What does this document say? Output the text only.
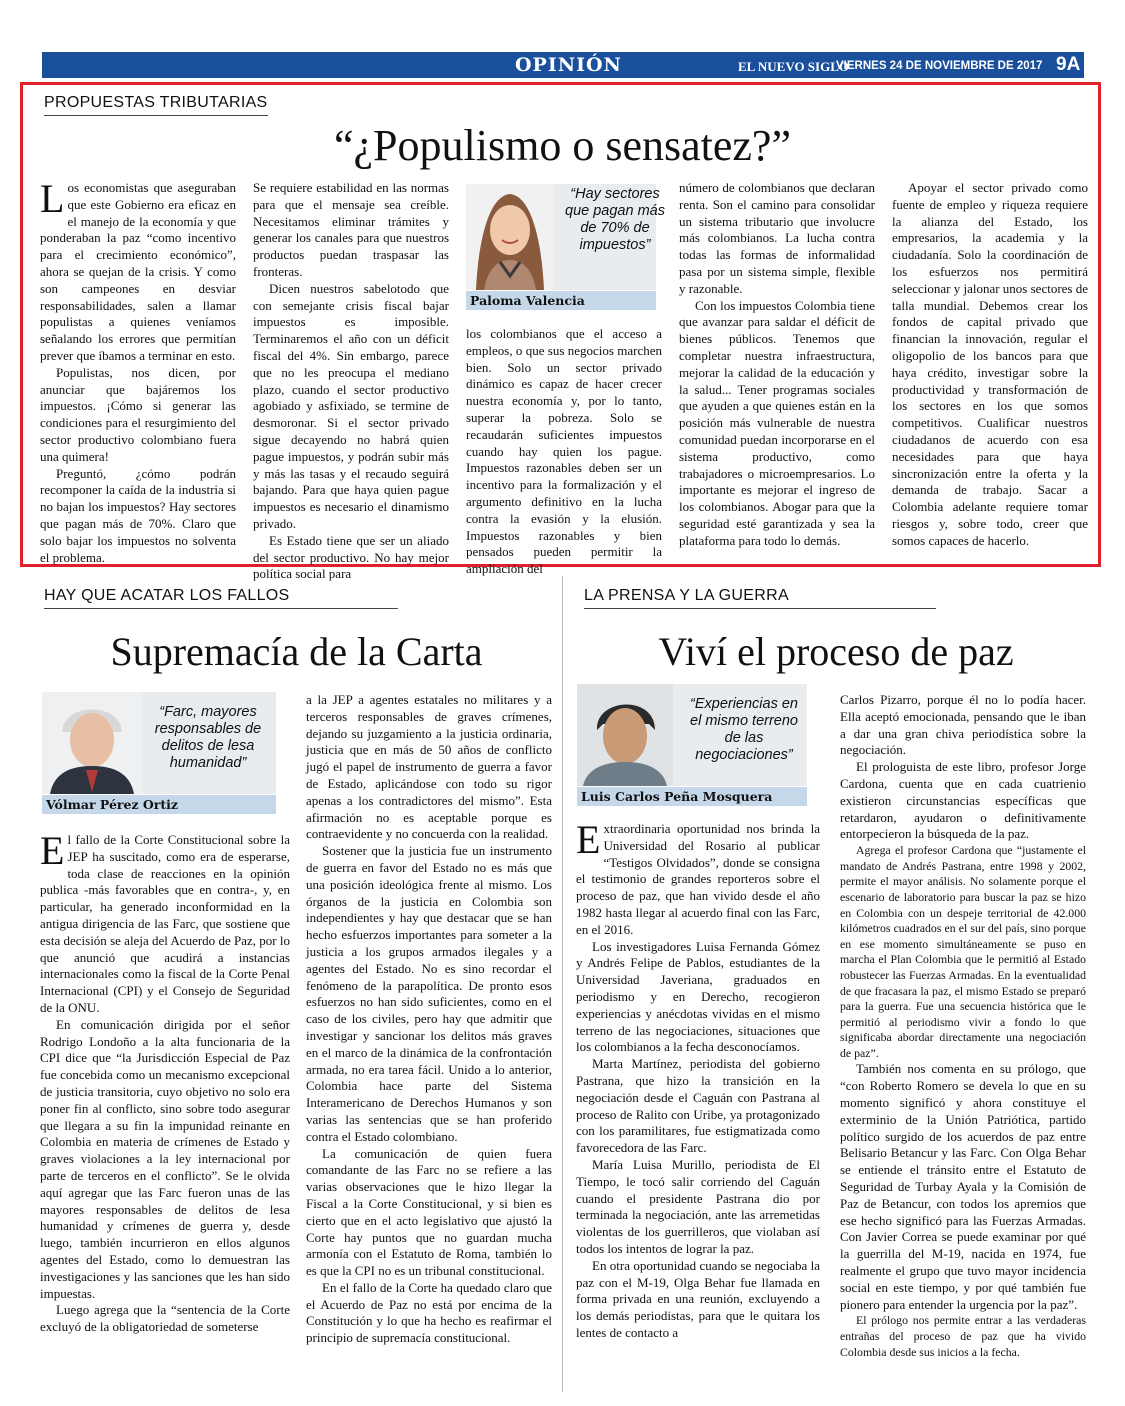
OPINIÓN	EL NUEVO SIGLO
VIERNES 24 DE NOVIEMBRE DE 2017 9A
PROPUESTAS TRIBUTARIAS
“¿Populismo o sensatez?”

Los economistas que aseguraban que este Gobierno era eficaz en el manejo de la economía y que ponderaban la paz “como incentivo para el crecimiento económico”, ahora se quejan de la crisis. Y como son campeones en desviar responsabilidades, salen a llamar populistas a quienes veníamos señalando los errores que permitían prever que íbamos a terminar en esto.

Populistas, nos dicen, por anunciar que bajáremos los impuestos. ¡Cómo si generar las condiciones para el resurgimiento del sector productivo colombiano fuera una quimera!

Preguntó, ¿cómo podrán recomponer la caída de la industria si no bajan los impuestos? Hay sectores que pagan más de 70%. Claro que solo bajar los impuestos no solventa el problema.

Se requiere estabilidad en las normas para que el mensaje sea creíble. Necesitamos eliminar trámites y generar los canales para que nuestros productos puedan traspasar las fronteras.

Dicen nuestros sabelotodo que con semejante crisis fiscal bajar impuestos es imposible. Terminaremos el año con un déficit fiscal del 4%. Sin embargo, parece que no les preocupa el mediano plazo, cuando el sector productivo agobiado y asfixiado, se termine de desmoronar. Si el sector privado sigue decayendo no habrá quien pague impuestos, y podrán subir más y más las tasas y el recaudo seguirá bajando. Para que haya quien pague impuestos es necesario el dinamismo privado.

Es Estado tiene que ser un aliado del sector productivo. No hay mejor política social para

“Hay sectores que pagan más de 70% de impuestos”
Paloma Valencia

los colombianos que el acceso a empleos, o que sus negocios marchen bien. Solo un sector privado dinámico es capaz de hacer crecer nuestra economía y, por lo tanto, superar la pobreza. Solo se recaudarán suficientes impuestos cuando hay quien los pague. Impuestos razonables deben ser un incentivo para la formalización y el argumento definitivo en la lucha contra la evasión y la elusión. Impuestos razonables y bien pensados pueden permitir la ampliación del

número de colombianos que declaran renta. Son el camino para consolidar un sistema tributario que involucre más colombianos. La lucha contra todas las formas de informalidad pasa por un sistema simple, flexible y razonable.

Con los impuestos Colombia tiene que avanzar para saldar el déficit de bienes públicos. Tenemos que completar nuestra infraestructura, mejorar la calidad de la educación y la salud... Tener programas sociales que ayuden a que quienes están en la posición más vulnerable de nuestra comunidad puedan incorporarse en el sistema productivo, como trabajadores o microempresarios. Lo importante es mejorar el ingreso de los colombianos. Abogar para que la seguridad esté garantizada y sea la plataforma para todo lo demás.

Apoyar el sector privado como fuente de empleo y riqueza requiere la alianza del Estado, los empresarios, la academia y la ciudadanía. Solo la coordinación de los esfuerzos nos permitirá seleccionar y jalonar unos sectores de talla mundial. Debemos crear los fondos de capital privado que financian la innovación, regular el oligopolio de los bancos para que haya crédito, investigar sobre la productividad y transformación de los sectores en los que somos competitivos. Cualificar nuestros ciudadanos de acuerdo con esa necesidades para que haya sincronización entre la oferta y la demanda de trabajo. Sacar a Colombia adelante requiere tomar riesgos y, sobre todo, creer que somos capaces de hacerlo.

HAY QUE ACATAR LOS FALLOS
Supremacía de la Carta
“Farc, mayores responsables de delitos de lesa humanidad”
Vólmar Pérez Ortiz

El fallo de la Corte Constitucional sobre la JEP ha suscitado, como era de esperarse, toda clase de reacciones en la opinión publica -más favorables que en contra-, y, en particular, ha generado inconformidad en la antigua dirigencia de las Farc, que sostiene que esta decisión se aleja del Acuerdo de Paz, por lo que anunció que acudirá a instancias internacionales como la fiscal de la Corte Penal Internacional (CPI) y el Consejo de Seguridad de la ONU.

En comunicación dirigida por el señor Rodrigo Londoño a la alta funcionaria de la CPI dice que “la Jurisdicción Especial de Paz fue concebida como un mecanismo excepcional de justicia transitoria, cuyo objetivo no solo era poner fin al conflicto, sino sobre todo asegurar que llegara a su fin la impunidad reinante en Colombia en materia de crímenes de Estado y graves violaciones a la ley internacional por parte de terceros en el conflicto”. Se le olvida aquí agregar que las Farc fueron unas de las mayores responsables de delitos de lesa humanidad y crímenes de guerra y, desde luego, también incurrieron en ellos algunos agentes del Estado, como lo demuestran las investigaciones y las sanciones que les han sido impuestas.

Luego agrega que la “sentencia de la Corte excluyó de la obligatoriedad de someterse

a la JEP a agentes estatales no militares y a terceros responsables de graves crímenes, dejando su juzgamiento a la justicia ordinaria, justicia que en más de 50 años de conflicto jugó el papel de instrumento de guerra a favor de Estado, aplicándose con todo su rigor apenas a los contradictores del mismo”. Esta afirmación no es aceptable porque es contraevidente y no concuerda con la realidad.

Sostener que la justicia fue un instrumento de guerra en favor del Estado no es más que una posición ideológica frente al mismo. Los órganos de la justicia en Colombia son independientes y hay que destacar que se han hecho esfuerzos importantes para someter a la justicia a los grupos armados ilegales y a agentes del Estado. No es sino recordar el fenómeno de la parapolítica. De pronto esos esfuerzos no han sido suficientes, como en el caso de los civiles, pero hay que admitir que investigar y sancionar los delitos más graves en el marco de la dinámica de la confrontación armada, no era tarea fácil. Unido a lo anterior, Colombia hace parte del Sistema Interamericano de Derechos Humanos y son varias las sentencias que se han proferido contra el Estado colombiano.

La comunicación de quien fuera comandante de las Farc no se refiere a las varias observaciones que le hizo llegar la Fiscal a la Corte Constitucional, y si bien es cierto que en el acto legislativo que ajustó la Corte hay puntos que no guardan mucha armonía con el Estatuto de Roma, también lo es que la CPI no es un tribunal constitucional.

En el fallo de la Corte ha quedado claro que el Acuerdo de Paz no está por encima de la Constitución y lo que ha hecho es reafirmar el principio de supremacía constitucional.

LA PRENSA Y LA GUERRA
Viví el proceso de paz
“Experiencias en el mismo terreno de las negociaciones”
Luis Carlos Peña Mosquera

Extraordinaria oportunidad nos brinda la Universidad del Rosario al publicar “Testigos Olvidados”, donde se consigna el testimonio de grandes reporteros sobre el proceso de paz, que han vivido desde el año 1982 hasta llegar al acuerdo final con las Farc, en el 2016.

Los investigadores Luisa Fernanda Gómez y Andrés Felipe de Pablos, estudiantes de la Universidad Javeriana, graduados en periodismo y en Derecho, recogieron experiencias y anécdotas vividas en el mismo terreno de las negociaciones, situaciones que los colombianos a la fecha desconocíamos.

Marta Martínez, periodista del gobierno Pastrana, que hizo la transición en la negociación desde el Caguán con Pastrana al proceso de Ralito con Uribe, ya protagonizado con los paramilitares, fue estigmatizada como favorecedora de las Farc.

María Luisa Murillo, periodista de El Tiempo, le tocó salir corriendo del Caguán cuando el presidente Pastrana dio por terminada la negociación, ante las arremetidas violentas de los guerrilleros, que violaban así todos los intentos de lograr la paz.

En otra oportunidad cuando se negociaba la paz con el M-19, Olga Behar fue llamada en forma privada en una reunión, excluyendo a los demás periodistas, para que le quitara los lentes de contacto a

Carlos Pizarro, porque él no lo podía hacer. Ella aceptó emocionada, pensando que le iban a dar una gran chiva periodística sobre la negociación.

El prologuista de este libro, profesor Jorge Cardona, cuenta que en cada cuatrienio existieron circunstancias específicas que retardaron, ayudaron o definitivamente entorpecieron la búsqueda de la paz.

Agrega el profesor Cardona que “justamente el mandato de Andrés Pastrana, entre 1998 y 2002, permite el mayor análisis. No solamente porque el escenario de laboratorio para buscar la paz se hizo en Colombia con un despeje territorial de 42.000 kilómetros cuadrados en el sur del país, sino porque en ese momento simultáneamente se puso en marcha el Plan Colombia que le permitió al Estado robustecer las Fuerzas Armadas. En la eventualidad de que fracasara la paz, el mismo Estado se preparó para la guerra. Fue una secuencia histórica que le permitió al periodismo vivir a fondo lo que significaba abordar directamente una negociación de paz”.

También nos comenta en su prólogo, que “con Roberto Romero se devela lo que en su momento significó y ahora constituye el exterminio de la Unión Patriótica, partido político surgido de los acuerdos de paz entre Belisario Betancur y las Farc. Con Olga Behar se entiende el tránsito entre el Estatuto de Seguridad de Turbay Ayala y la Comisión de Paz de Betancur, con todos los apremios que ese hecho significó para las Fuerzas Armadas. Con Javier Correa se puede examinar por qué la guerrilla del M-19, nacida en 1974, fue realmente el grupo que tuvo mayor incidencia social en este tiempo, y por qué también fue pionero para entender la urgencia por la paz”.

El prólogo nos permite entrar a las verdaderas entrañas del proceso de paz que ha vivido Colombia desde sus inicios a la fecha.
